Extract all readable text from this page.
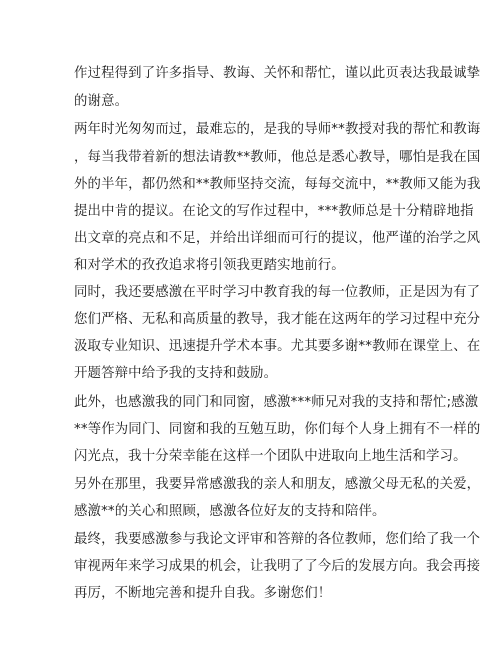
作过程得到了许多指导、教诲、关怀和帮忙，谨以此页表达我最诚挚
的谢意。
两年时光匆匆而过，最难忘的，是我的导师**教授对我的帮忙和教诲
，每当我带着新的想法请教**教师，他总是悉心教导，哪怕是我在国
外的半年，都仍然和**教师坚持交流，每每交流中，**教师又能为我
提出中肯的提议。在论文的写作过程中，***教师总是十分精辟地指
出文章的亮点和不足，并给出详细而可行的提议，他严谨的治学之风
和对学术的孜孜追求将引领我更踏实地前行。
同时，我还要感激在平时学习中教育我的每一位教师，正是因为有了
您们严格、无私和高质量的教导，我才能在这两年的学习过程中充分
汲取专业知识、迅速提升学术本事。尤其要多谢**教师在课堂上、在
开题答辩中给予我的支持和鼓励。
此外，也感激我的同门和同窗，感激***师兄对我的支持和帮忙;感激
**等作为同门、同窗和我的互勉互助，你们每个人身上拥有不一样的
闪光点，我十分荣幸能在这样一个团队中进取向上地生活和学习。
另外在那里，我要异常感激我的亲人和朋友，感激父母无私的关爱，
感激**的关心和照顾，感激各位好友的支持和陪伴。
最终，我要感激参与我论文评审和答辩的各位教师，您们给了我一个
审视两年来学习成果的机会，让我明了了今后的发展方向。我会再接
再厉，不断地完善和提升自我。多谢您们！
